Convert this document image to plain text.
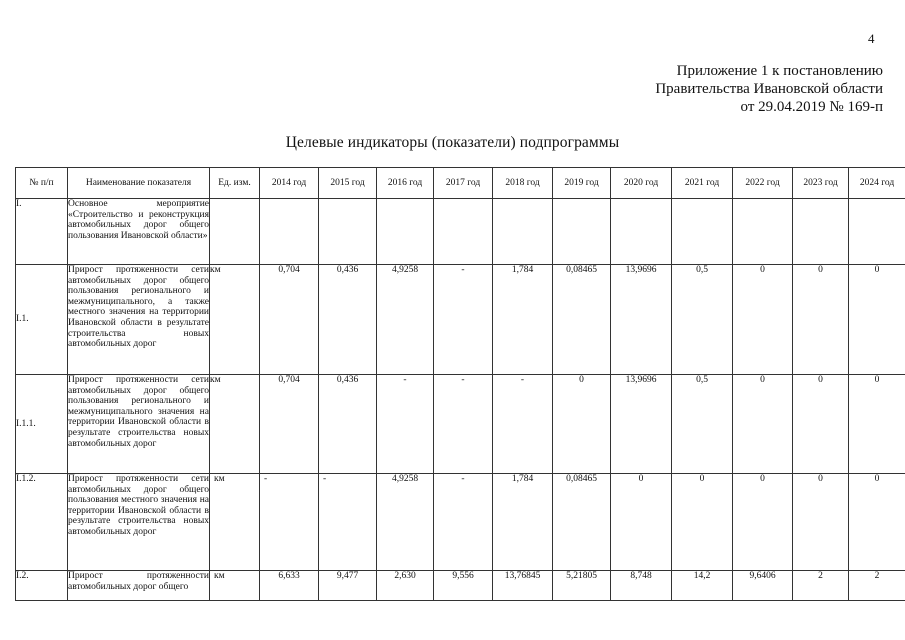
4
Приложение 1 к постановлению
Правительства Ивановской области
от 29.04.2019 № 169-п
Целевые индикаторы (показатели) подпрограммы
№ п/п	Наименование показателя	Ед. изм.	2014 год	2015 год	2016 год	2017 год	2018 год	2019 год	2020 год	2021 год	2022 год	2023 год	2024 год
I.	Основное мероприятие «Строительство и реконструкция автомобильных дорог общего пользования Ивановской области»												
I.1.	Прирост протяженности сети автомобильных дорог общего пользования регионального и межмуниципального, а также местного значения на территории Ивановской области в результате строительства новых автомобильных дорог	км	0,704	0,436	4,9258	-	1,784	0,08465	13,9696	0,5	0	0	0
I.1.1.	Прирост протяженности сети автомобильных дорог общего пользования регионального и межмуниципального значения на территории Ивановской области в результате строительства новых автомобильных дорог	км	0,704	0,436	-	-	-	0	13,9696	0,5	0	0	0
I.1.2.	Прирост протяженности сети автомобильных дорог общего пользования местного значения на территории Ивановской области в результате строительства новых автомобильных дорог	км	-	-	4,9258	-	1,784	0,08465	0	0	0	0	0
I.2.	Прирост протяженности автомобильных дорог общего	км	6,633	9,477	2,630	9,556	13,76845	5,21805	8,748	14,2	9,6406	2	2
